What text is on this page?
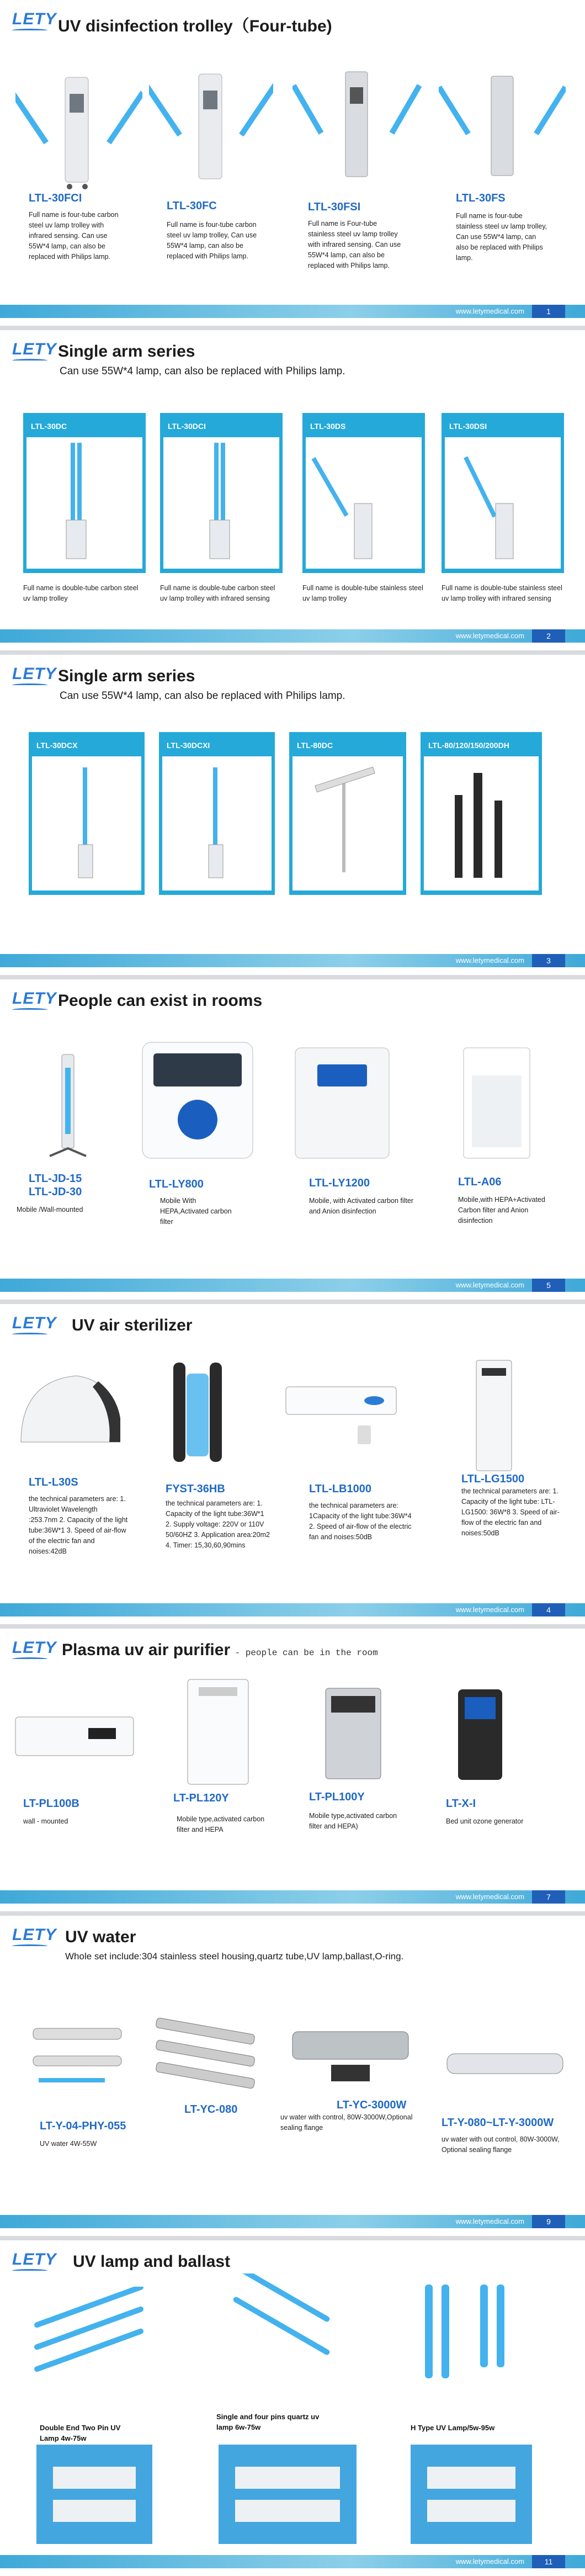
LETY UV disinfection trolley（Four-tube)
LTL-30FCI
Full name is four-tube carbon steel uv lamp trolley with infrared sensing. Can use 55W*4 lamp, can also be replaced with Philips lamp.
LTL-30FC
Full name is four-tube carbon steel uv lamp trolley, Can use 55W*4 lamp, can also be replaced with Philips lamp.
LTL-30FSI
Full name is Four-tube stainless steel uv lamp trolley with infrared sensing. Can use 55W*4 lamp, can also be replaced with Philips lamp.
LTL-30FS
Full name is four-tube stainless steel uv lamp trolley, Can use 55W*4 lamp, can also be replaced with Philips lamp.
www.letymedical.com	1
LETY Single arm series
Can use 55W*4 lamp, can also be replaced with Philips lamp.
LTL-30DC
Full name is double-tube carbon steel uv lamp trolley
LTL-30DCI
Full name is double-tube carbon steel uv lamp trolley with infrared sensing
LTL-30DS
Full name is double-tube stainless steel uv lamp trolley
LTL-30DSI
Full name is double-tube stainless steel uv lamp trolley with infrared sensing
www.letymedical.com	2
LETY Single arm series
Can use 55W*4 lamp, can also be replaced with Philips lamp.
LTL-30DCX	LTL-30DCXI	LTL-80DC	LTL-80/120/150/200DH
www.letymedical.com	3
LETY People can exist in rooms
LTL-JD-15
LTL-JD-30
Mobile /Wall-mounted
LTL-LY800
Mobile With HEPA,Activated carbon filter
LTL-LY1200
Mobile, with Activated carbon filter and Anion disinfection
LTL-A06
Mobile,with HEPA+Activated Carbon filter and Anion disinfection
www.letymedical.com	5
LETY UV air sterilizer
LTL-L30S
the technical parameters are: 1. Ultraviolet Wavelength :253.7nm 2. Capacity of the light tube:36W*1 3. Speed of air-flow of the electric fan and noises:42dB
FYST-36HB
the technical parameters are: 1. Capacity of the light tube:36W*1 2. Supply voltage: 220V or 110V 50/60HZ 3. Application area:20m2 4. Timer: 15,30,60,90mins
LTL-LB1000
the technical parameters are: 1Capacity of the light tube:36W*4 2. Speed of air-flow of the electric fan and noises:50dB
LTL-LG1500
the technical parameters are: 1. Capacity of the light tube: LTL-LG1500: 36W*8 3. Speed of air-flow of the electric fan and noises:50dB
www.letymedical.com	4
LETY Plasma uv air purifier - people can be in the room
LT-PL100B
wall - mounted
LT-PL120Y
Mobile type,activated carbon filter and HEPA
LT-PL100Y
Mobile type,activated carbon filter and HEPA)
LT-X-I
Bed unit ozone generator
www.letymedical.com	7
LETY UV water
Whole set include:304 stainless steel housing,quartz tube,UV lamp,ballast,O-ring.
LT-Y-04-PHY-055
UV water 4W-55W
LT-YC-080	LT-YC-3000W
uv water with control, 80W-3000W,Optional sealing flange	LT-Y-080~LT-Y-3000W
uv water with out control, 80W-3000W, Optional sealing flange
www.letymedical.com	9
LETY UV lamp and ballast
Double End Two Pin UV Lamp 4w-75w
Single and four pins quartz uv lamp 6w-75w	H Type UV Lamp/5w-95w
www.letymedical.com	11
